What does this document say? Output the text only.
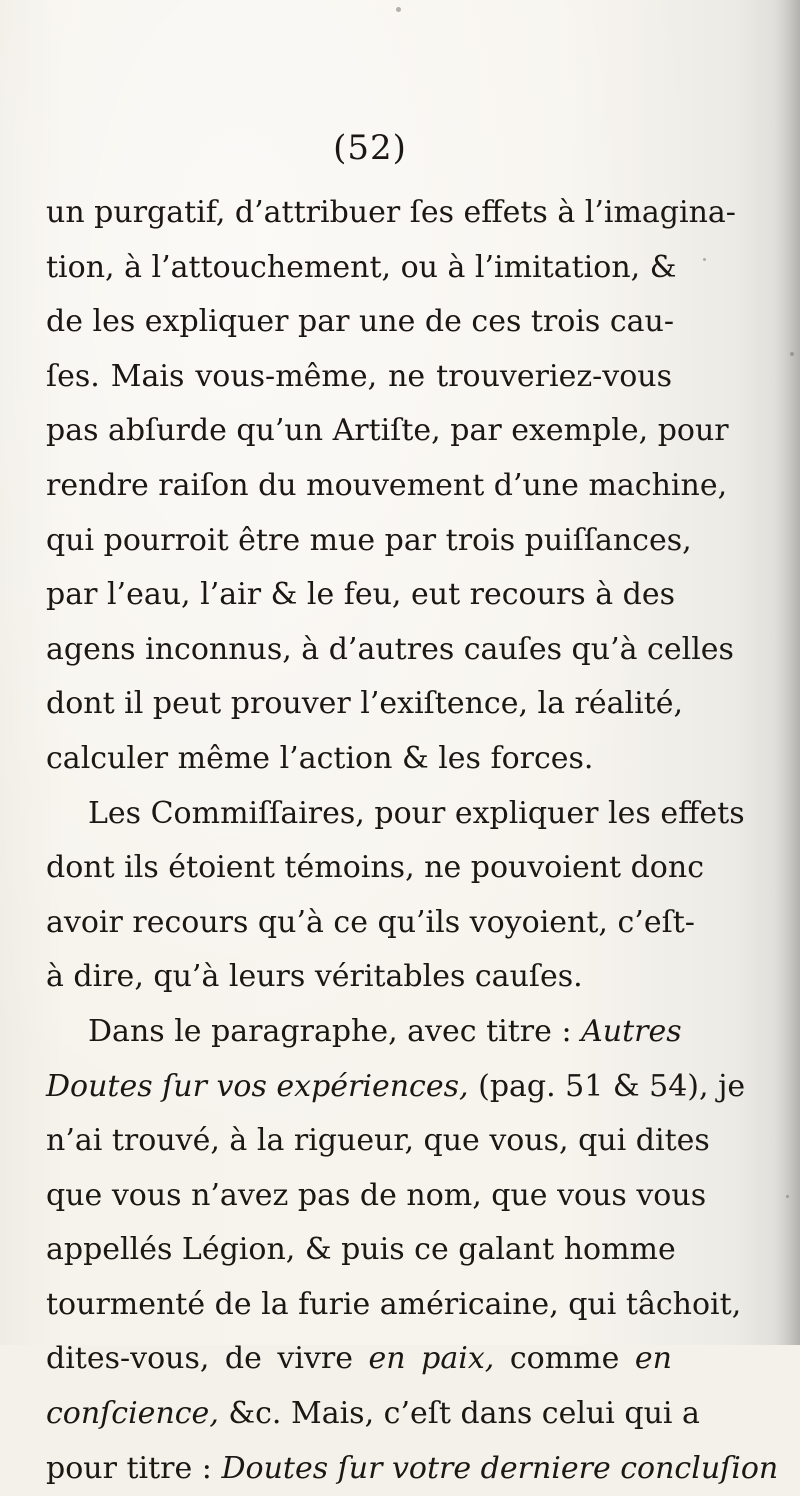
(52)
un purgatif, d’attribuer ſes effets à l’imagina-
tion, à l’attouchement, ou à l’imitation, &
de les expliquer par une de ces trois cau-
ſes. Mais vous-même, ne trouveriez-vous
pas abſurde qu’un Artiſte, par exemple, pour
rendre raiſon du mouvement d’une machine,
qui pourroit être mue par trois puiſſances,
par l’eau, l’air & le feu, eut recours à des
agens inconnus, à d’autres cauſes qu’à celles
dont il peut prouver l’exiſtence, la réalité,
calculer même l’action & les forces.
Les Commiſſaires, pour expliquer les effets
dont ils étoient témoins, ne pouvoient donc
avoir recours qu’à ce qu’ils voyoient, c’eſt-
à dire, qu’à leurs véritables cauſes.
Dans le paragraphe, avec titre : Autres
Doutes ſur vos expériences, (pag. 51 & 54), je
n’ai trouvé, à la rigueur, que vous, qui dites
que vous n’avez pas de nom, que vous vous
appellés Légion, & puis ce galant homme
tourmenté de la furie américaine, qui tâchoit,
dites-vous, de vivre en paix, comme en
conſcience, &c. Mais, c’eſt dans celui qui a
pour titre : Doutes ſur votre derniere concluſion
